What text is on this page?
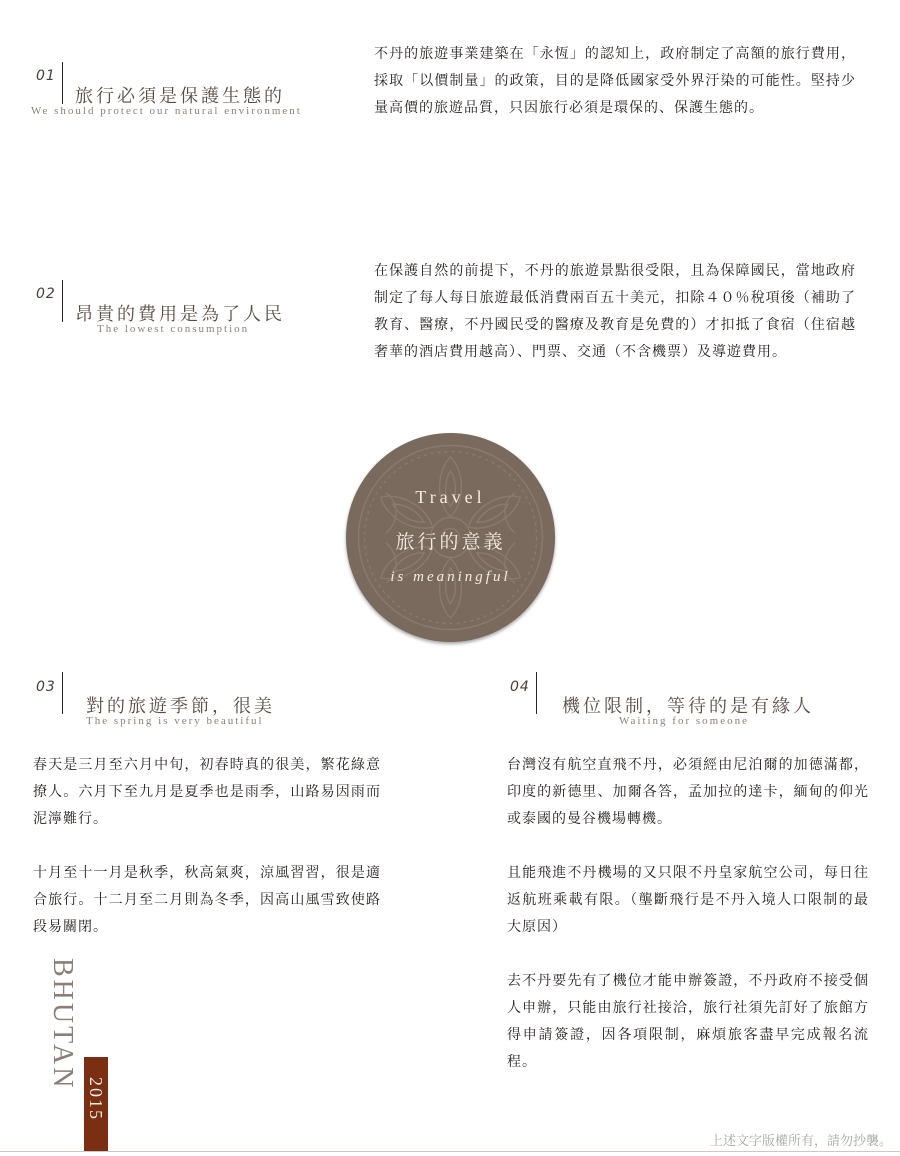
01
旅行必須是保護生態的
We should protect our natural environment

不丹的旅遊事業建築在「永恆」的認知上，政府制定了高額的旅行費用，採取「以價制量」的政策，目的是降低國家受外界汙染的可能性。堅持少量高價的旅遊品質，只因旅行必須是環保的、保護生態的。

02
昂貴的費用是為了人民
The lowest consumption

在保護自然的前提下，不丹的旅遊景點很受限，且為保障國民，當地政府制定了每人每日旅遊最低消費兩百五十美元，扣除４０％稅項後（補助了教育、醫療，不丹國民受的醫療及教育是免費的）才扣抵了食宿（住宿越奢華的酒店費用越高）、門票、交通（不含機票）及導遊費用。

Travel
旅行的意義
is meaningful
03
對的旅遊季節，很美
The spring is very beautiful

春天是三月至六月中旬，初春時真的很美，繁花綠意撩人。六月下至九月是夏季也是雨季，山路易因雨而泥濘難行。

十月至十一月是秋季，秋高氣爽，涼風習習，很是適合旅行。十二月至二月則為冬季，因高山風雪致使路段易關閉。

04
機位限制，等待的是有緣人
Waiting for someone

台灣沒有航空直飛不丹，必須經由尼泊爾的加德滿都，印度的新德里、加爾各答，孟加拉的達卡，緬甸的仰光或泰國的曼谷機場轉機。

且能飛進不丹機場的又只限不丹皇家航空公司，每日往返航班乘載有限。（壟斷飛行是不丹入境人口限制的最大原因）

去不丹要先有了機位才能申辦簽證，不丹政府不接受個人申辦，只能由旅行社接洽，旅行社須先訂好了旅館方得申請簽證，因各項限制，麻煩旅客盡早完成報名流程。

BHUTAN
2015
上述文字版權所有，請勿抄襲。
